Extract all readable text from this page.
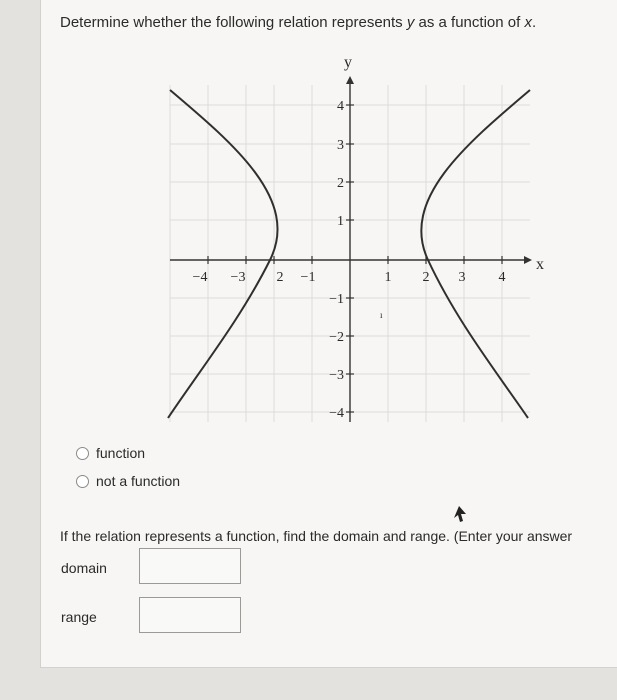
Determine whether the following relation represents y as a function of x.
y
x
−4 −3 2 −1	1 2 3 4
4
3
2
1
−1
−2
−3
−4
ı
function
not a function
If the relation represents a function, find the domain and range. (Enter your answer
domain
range
